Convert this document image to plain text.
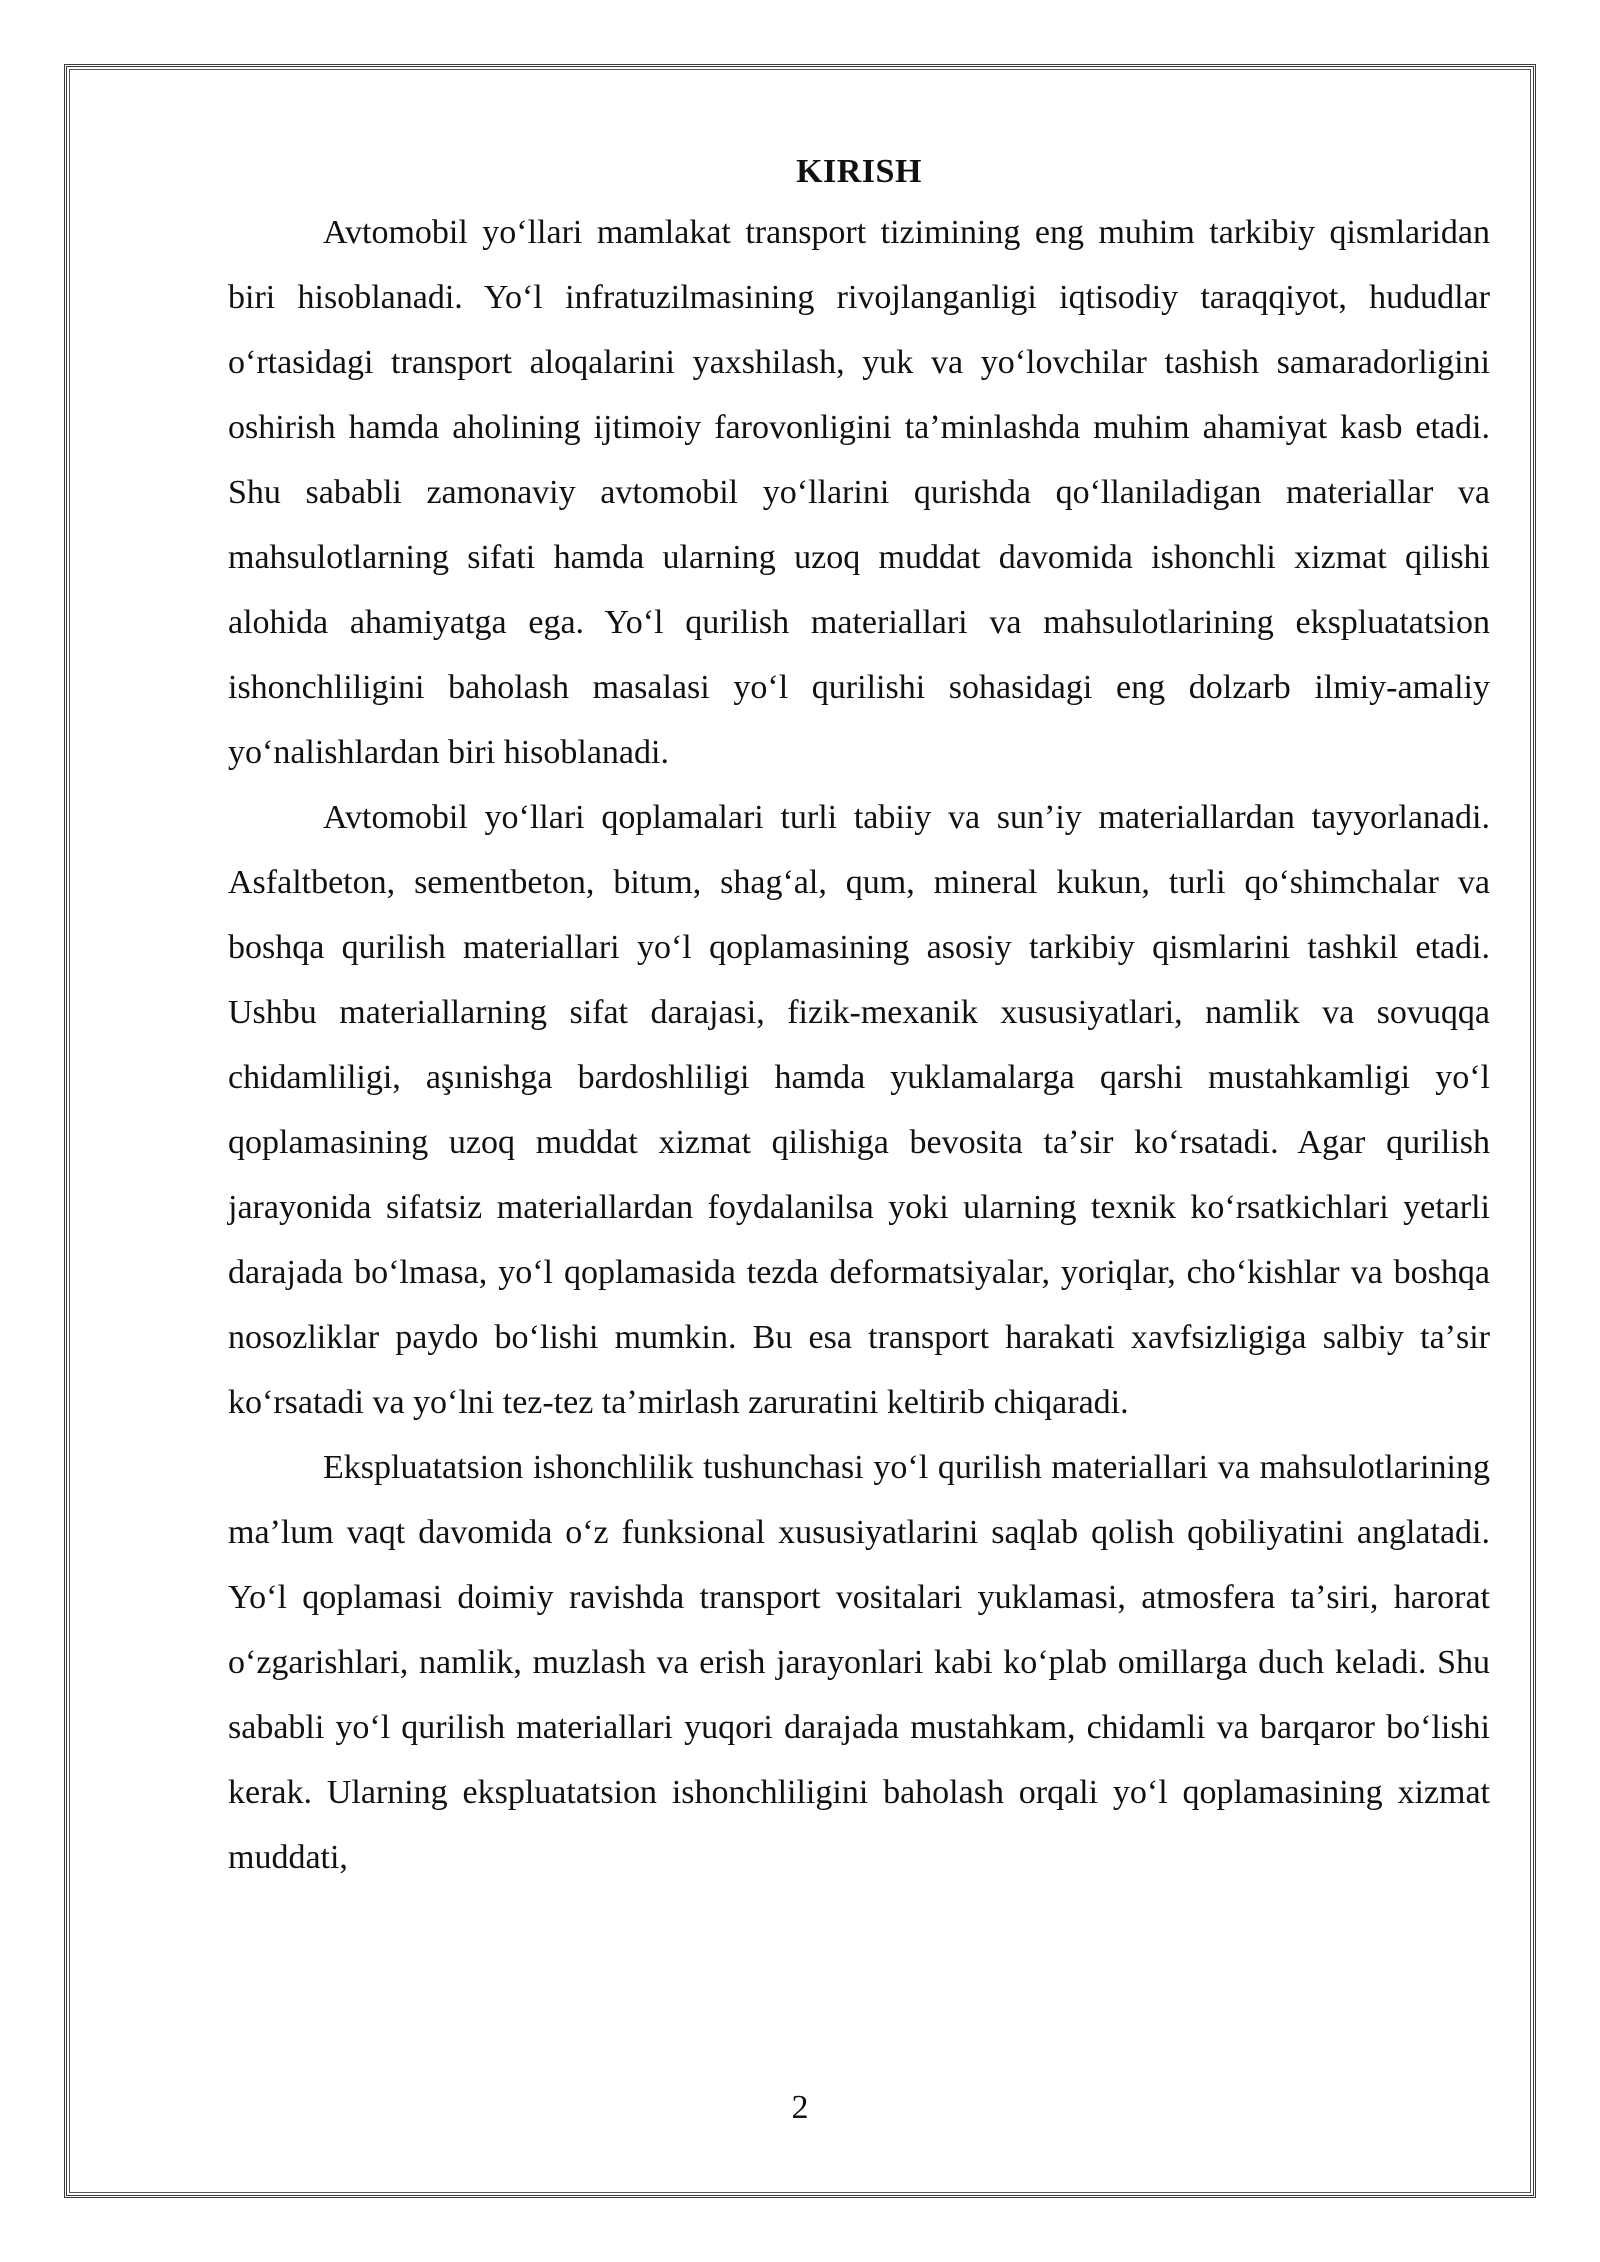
KIRISH

Avtomobil yoʻllari mamlakat transport tizimining eng muhim tarkibiy qismlaridan biri hisoblanadi. Yoʻl infratuzilmasining rivojlanganligi iqtisodiy taraqqiyot, hududlar oʻrtasidagi transport aloqalarini yaxshilash, yuk va yoʻlovchilar tashish samaradorligini oshirish hamda aholining ijtimoiy farovonligini taʼminlashda muhim ahamiyat kasb etadi. Shu sababli zamonaviy avtomobil yoʻllarini qurishda qoʻllaniladigan materiallar va mahsulotlarning sifati hamda ularning uzoq muddat davomida ishonchli xizmat qilishi alohida ahamiyatga ega. Yoʻl qurilish materiallari va mahsulotlarining ekspluatatsion ishonchliligini baholash masalasi yoʻl qurilishi sohasidagi eng dolzarb ilmiy-amaliy yoʻnalishlardan biri hisoblanadi.

Avtomobil yoʻllari qoplamalari turli tabiiy va sunʼiy materiallardan tayyorlanadi. Asfaltbeton, sementbeton, bitum, shagʻal, qum, mineral kukun, turli qoʻshimchalar va boshqa qurilish materiallari yoʻl qoplamasining asosiy tarkibiy qismlarini tashkil etadi. Ushbu materiallarning sifat darajasi, fizik-mexanik xususiyatlari, namlik va sovuqqa chidamliligi, aşınishga bardoshliligi hamda yuklamalarga qarshi mustahkamligi yoʻl qoplamasining uzoq muddat xizmat qilishiga bevosita taʼsir koʻrsatadi. Agar qurilish jarayonida sifatsiz materiallardan foydalanilsa yoki ularning texnik koʻrsatkichlari yetarli darajada boʻlmasa, yoʻl qoplamasida tezda deformatsiyalar, yoriqlar, choʻkishlar va boshqa nosozliklar paydo boʻlishi mumkin. Bu esa transport harakati xavfsizligiga salbiy taʼsir koʻrsatadi va yoʻlni tez-tez taʼmirlash zaruratini keltirib chiqaradi.

Ekspluatatsion ishonchlilik tushunchasi yoʻl qurilish materiallari va mahsulotlarining maʼlum vaqt davomida oʻz funksional xususiyatlarini saqlab qolish qobiliyatini anglatadi. Yoʻl qoplamasi doimiy ravishda transport vositalari yuklamasi, atmosfera taʼsiri, harorat oʻzgarishlari, namlik, muzlash va erish jarayonlari kabi koʻplab omillarga duch keladi. Shu sababli yoʻl qurilish materiallari yuqori darajada mustahkam, chidamli va barqaror boʻlishi kerak. Ularning ekspluatatsion ishonchliligini baholash orqali yoʻl qoplamasining xizmat muddati,

2
